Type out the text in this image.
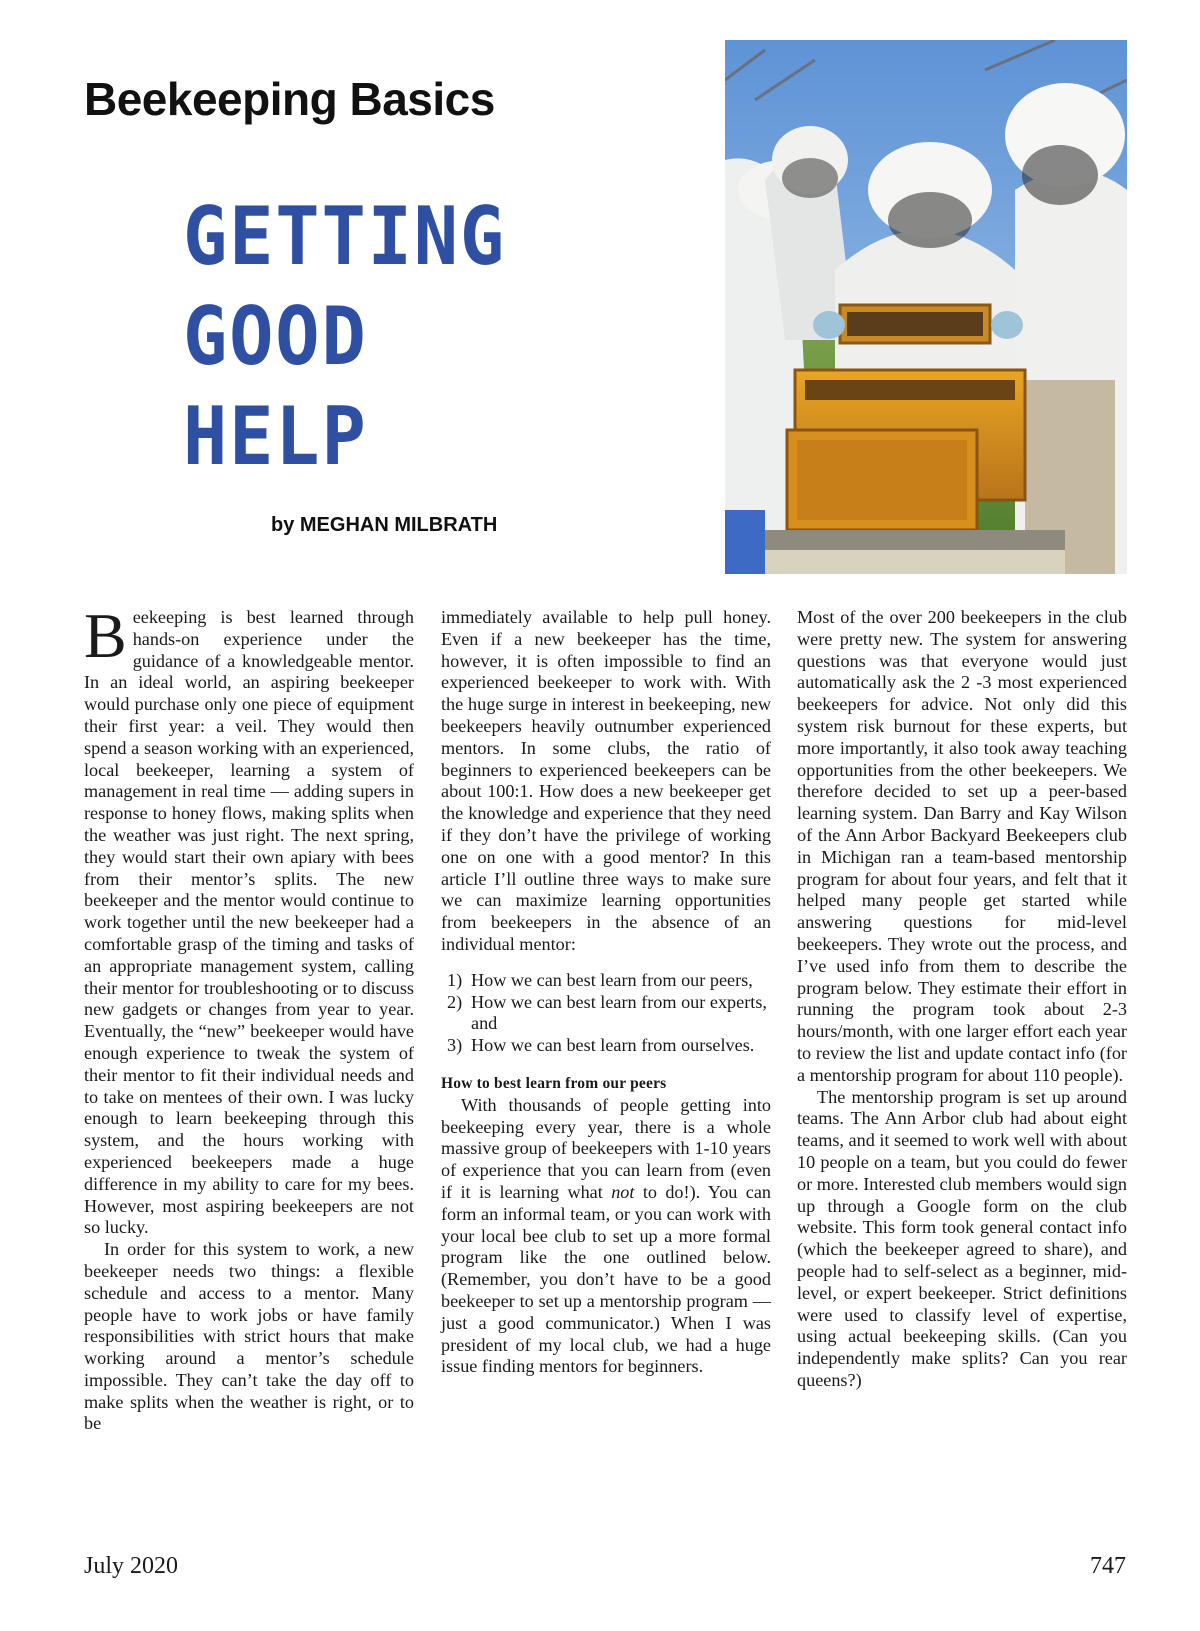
Beekeeping Basics
GETTING
GOOD
HELP
by MEGHAN MILBRATH

Beekeeping is best learned through hands-on experience under the guidance of a knowledgeable mentor. In an ideal world, an aspiring beekeeper would purchase only one piece of equipment their first year: a veil. They would then spend a season working with an experienced, local beekeeper, learning a system of management in real time — adding supers in response to honey flows, making splits when the weather was just right. The next spring, they would start their own apiary with bees from their mentor’s splits. The new beekeeper and the mentor would continue to work together until the new beekeeper had a comfortable grasp of the timing and tasks of an appropriate management system, calling their mentor for troubleshooting or to discuss new gadgets or changes from year to year. Eventually, the “new” beekeeper would have enough experience to tweak the system of their mentor to fit their individual needs and to take on mentees of their own. I was lucky enough to learn beekeeping through this system, and the hours working with experienced beekeepers made a huge difference in my ability to care for my bees. However, most aspiring beekeepers are not so lucky.

In order for this system to work, a new beekeeper needs two things: a flexible schedule and access to a mentor. Many people have to work jobs or have family responsibilities with strict hours that make working around a mentor’s schedule impossible. They can’t take the day off to make splits when the weather is right, or to be

immediately available to help pull honey. Even if a new beekeeper has the time, however, it is often impossible to find an experienced beekeeper to work with. With the huge surge in interest in beekeeping, new beekeepers heavily outnumber experienced mentors. In some clubs, the ratio of beginners to experienced beekeepers can be about 100:1. How does a new beekeeper get the knowledge and experience that they need if they don’t have the privilege of working one on one with a good mentor? In this article I’ll outline three ways to make sure we can maximize learning opportunities from beekeepers in the absence of an individual mentor:

1) How we can best learn from our peers,
2) How we can best learn from our experts, and
3) How we can best learn from ourselves.
How to best learn from our peers

With thousands of people getting into beekeeping every year, there is a whole massive group of beekeepers with 1-10 years of experience that you can learn from (even if it is learning what not to do!). You can form an informal team, or you can work with your local bee club to set up a more formal program like the one outlined below. (Remember, you don’t have to be a good beekeeper to set up a mentorship program — just a good communicator.) When I was president of my local club, we had a huge issue finding mentors for beginners.

Most of the over 200 beekeepers in the club were pretty new. The system for answering questions was that everyone would just automatically ask the 2 -3 most experienced beekeepers for advice. Not only did this system risk burnout for these experts, but more importantly, it also took away teaching opportunities from the other beekeepers. We therefore decided to set up a peer-based learning system. Dan Barry and Kay Wilson of the Ann Arbor Backyard Beekeepers club in Michigan ran a team-based mentorship program for about four years, and felt that it helped many people get started while answering questions for mid-level beekeepers. They wrote out the process, and I’ve used info from them to describe the program below. They estimate their effort in running the program took about 2-3 hours/month, with one larger effort each year to review the list and update contact info (for a mentorship program for about 110 people).

The mentorship program is set up around teams. The Ann Arbor club had about eight teams, and it seemed to work well with about 10 people on a team, but you could do fewer or more. Interested club members would sign up through a Google form on the club website. This form took general contact info (which the beekeeper agreed to share), and people had to self-select as a beginner, mid-level, or expert beekeeper. Strict definitions were used to classify level of expertise, using actual beekeeping skills. (Can you independently make splits? Can you rear queens?)

July 2020	747
